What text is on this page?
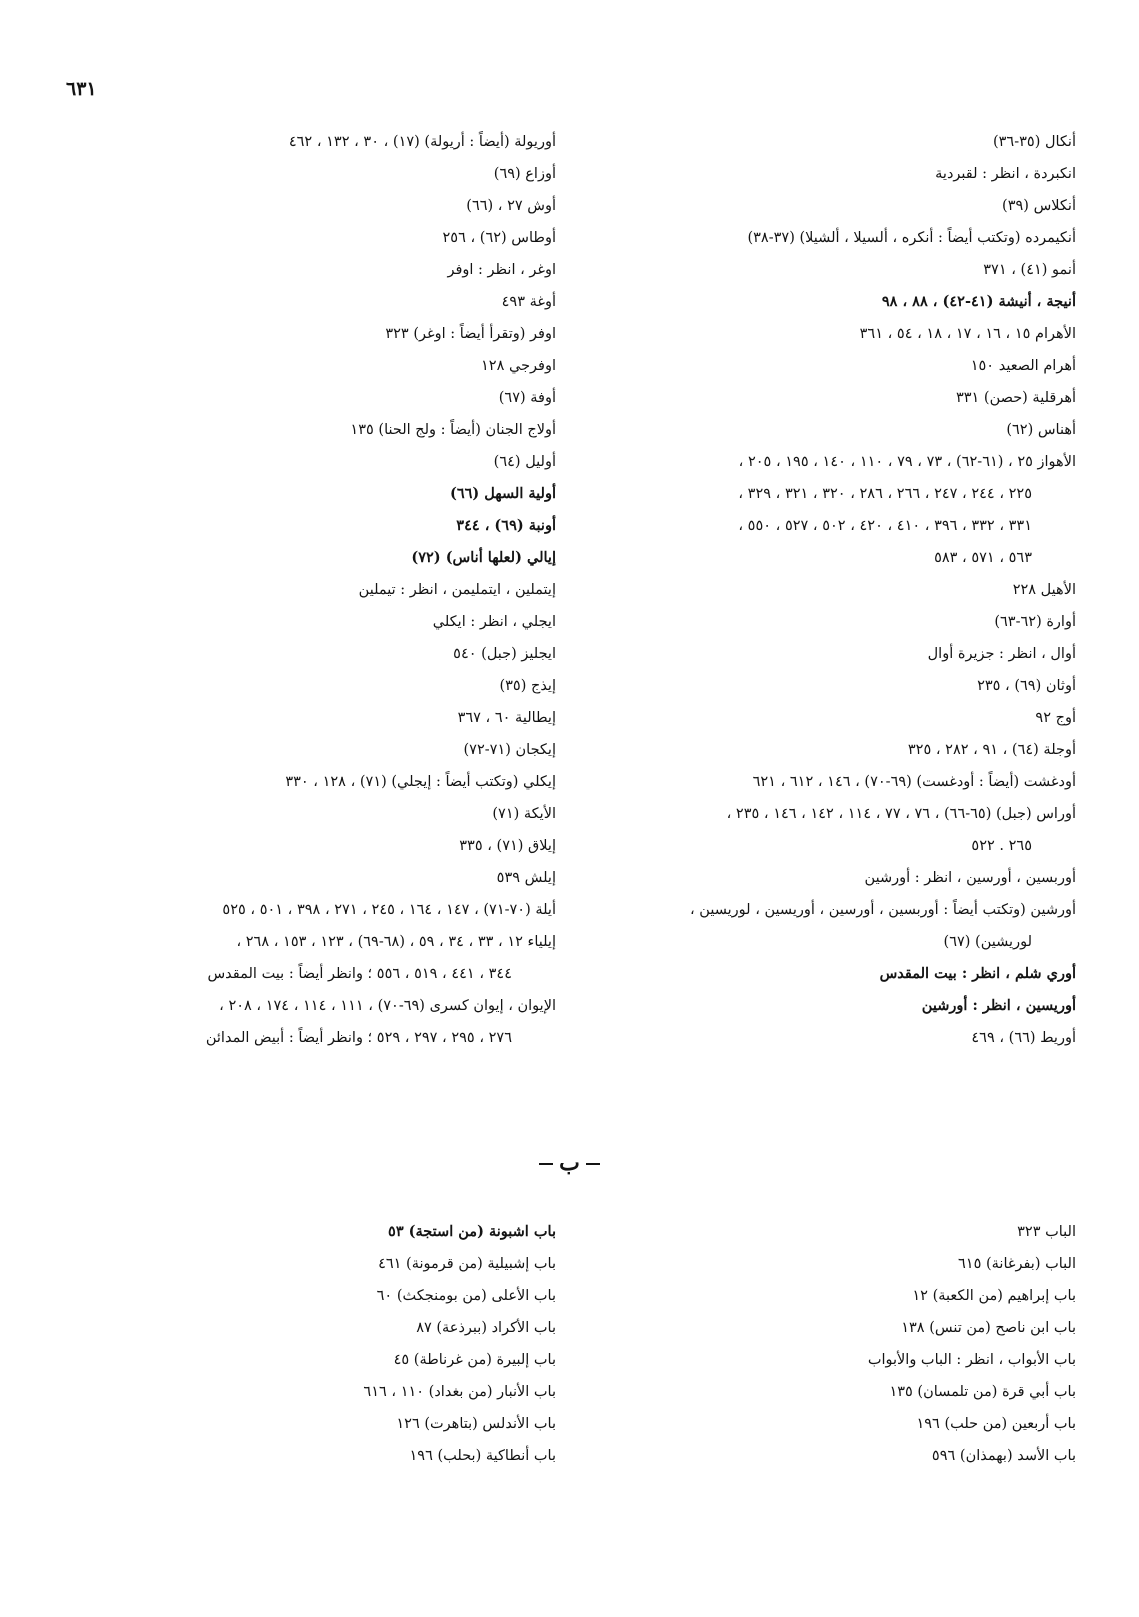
٦٣١
أنكال (٣٥-٣٦)
انكبردة ، انظر : لقبردية
أنكلاس (٣٩)
أنكيمرده (وتكتب أيضاً : أنكره ، ألسيلا ، ألشيلا) (٣٧-٣٨)
أنمو (٤١) ، ٣٧١
أنيجة ، أنيشة (٤١-٤٢) ، ٨٨ ، ٩٨
الأهرام ١٥ ، ١٦ ، ١٧ ، ١٨ ، ٥٤ ، ٣٦١
أهرام الصعيد ١٥٠
أهرقلية (حصن) ٣٣١
أهناس (٦٢)
الأهواز ٢٥ ، (٦١-٦٢) ، ٧٣ ، ٧٩ ، ١١٠ ، ١٤٠ ، ١٩٥ ، ٢٠٥ ،
٢٢٥ ، ٢٤٤ ، ٢٤٧ ، ٢٦٦ ، ٢٨٦ ، ٣٢٠ ، ٣٢١ ، ٣٢٩ ،
٣٣١ ، ٣٣٢ ، ٣٩٦ ، ٤١٠ ، ٤٢٠ ، ٥٠٢ ، ٥٢٧ ، ٥٥٠ ،
٥٦٣ ، ٥٧١ ، ٥٨٣
الأهيل ٢٢٨
أوارة (٦٢-٦٣)
أوال ، انظر : جزيرة أوال
أوثان (٦٩) ، ٢٣٥
أوج ٩٢
أوجلة (٦٤) ، ٩١ ، ٢٨٢ ، ٣٢٥
أودغشت (أيضاً : أودغست) (٦٩-٧٠) ، ١٤٦ ، ٦١٢ ، ٦٢١
أوراس (جبل) (٦٥-٦٦) ، ٧٦ ، ٧٧ ، ١١٤ ، ١٤٢ ، ١٤٦ ، ٢٣٥ ،
٢٦٥ . ٥٢٢
أوربسين ، أورسين ، انظر : أورشين
أورشين (وتكتب أيضاً : أوربسين ، أورسين ، أوريسين ، لوريسين ،
لوريشين) (٦٧)
أوري شلم ، انظر : بيت المقدس
أوريسين ، انظر : أورشين
أوريط (٦٦) ، ٤٦٩
أوريولة (أيضاً : أريولة) (١٧) ، ٣٠ ، ١٣٢ ، ٤٦٢
أوزاع (٦٩)
أوش ٢٧ ، (٦٦)
أوطاس (٦٢) ، ٢٥٦
اوغر ، انظر : اوفر
أوغة ٤٩٣
اوفر (وتقرأ أيضاً : اوغر) ٣٢٣
اوفرجي ١٢٨
أوفة (٦٧)
أولاج الجنان (أيضاً : ولج الحنا) ١٣٥
أوليل (٦٤)
أولية السهل (٦٦)
أونبة (٦٩) ، ٣٤٤
إيالي (لعلها أناس) (٧٢)
إيتملين ، ايتمليمن ، انظر : تيملين
ايجلي ، انظر : ايكلي
ايجليز (جبل) ٥٤٠
إيذج (٣٥)
إيطالية ٦٠ ، ٣٦٧
إيكجان (٧١-٧٢)
إيكلي (وتكتب أيضاً : إيجلي) (٧١) ، ١٢٨ ، ٣٣٠
الأيكة (٧١)
إيلاق (٧١) ، ٣٣٥
إيلش ٥٣٩
أيلة (٧٠-٧١) ، ١٤٧ ، ١٦٤ ، ٢٤٥ ، ٢٧١ ، ٣٩٨ ، ٥٠١ ، ٥٢٥
إيلياء ١٢ ، ٣٣ ، ٣٤ ، ٥٩ ، (٦٨-٦٩) ، ١٢٣ ، ١٥٣ ، ٢٦٨ ،
٣٤٤ ، ٤٤١ ، ٥١٩ ، ٥٥٦ ؛ وانظر أيضاً : بيت المقدس
الإيوان ، إيوان كسرى (٦٩-٧٠) ، ١١١ ، ١١٤ ، ١٧٤ ، ٢٠٨ ،
٢٧٦ ، ٢٩٥ ، ٢٩٧ ، ٥٢٩ ؛ وانظر أيضاً : أبيض المدائن
ب
الباب ٣٢٣
الباب (بفرغانة) ٦١٥
باب إبراهيم (من الكعبة) ١٢
باب ابن ناصح (من تنس) ١٣٨
باب الأبواب ، انظر : الباب والأبواب
باب أبي قرة (من تلمسان) ١٣٥
باب أربعين (من حلب) ١٩٦
باب الأسد (بهمذان) ٥٩٦
باب اشبونة (من استجة) ٥٣
باب إشبيلية (من قرمونة) ٤٦١
باب الأعلى (من بومنجكث) ٦٠
باب الأكراد (ببرذعة) ٨٧
باب إلبيرة (من غرناطة) ٤٥
باب الأنبار (من بغداد) ١١٠ ، ٦١٦
باب الأندلس (بتاهرت) ١٢٦
باب أنطاكية (بحلب) ١٩٦
